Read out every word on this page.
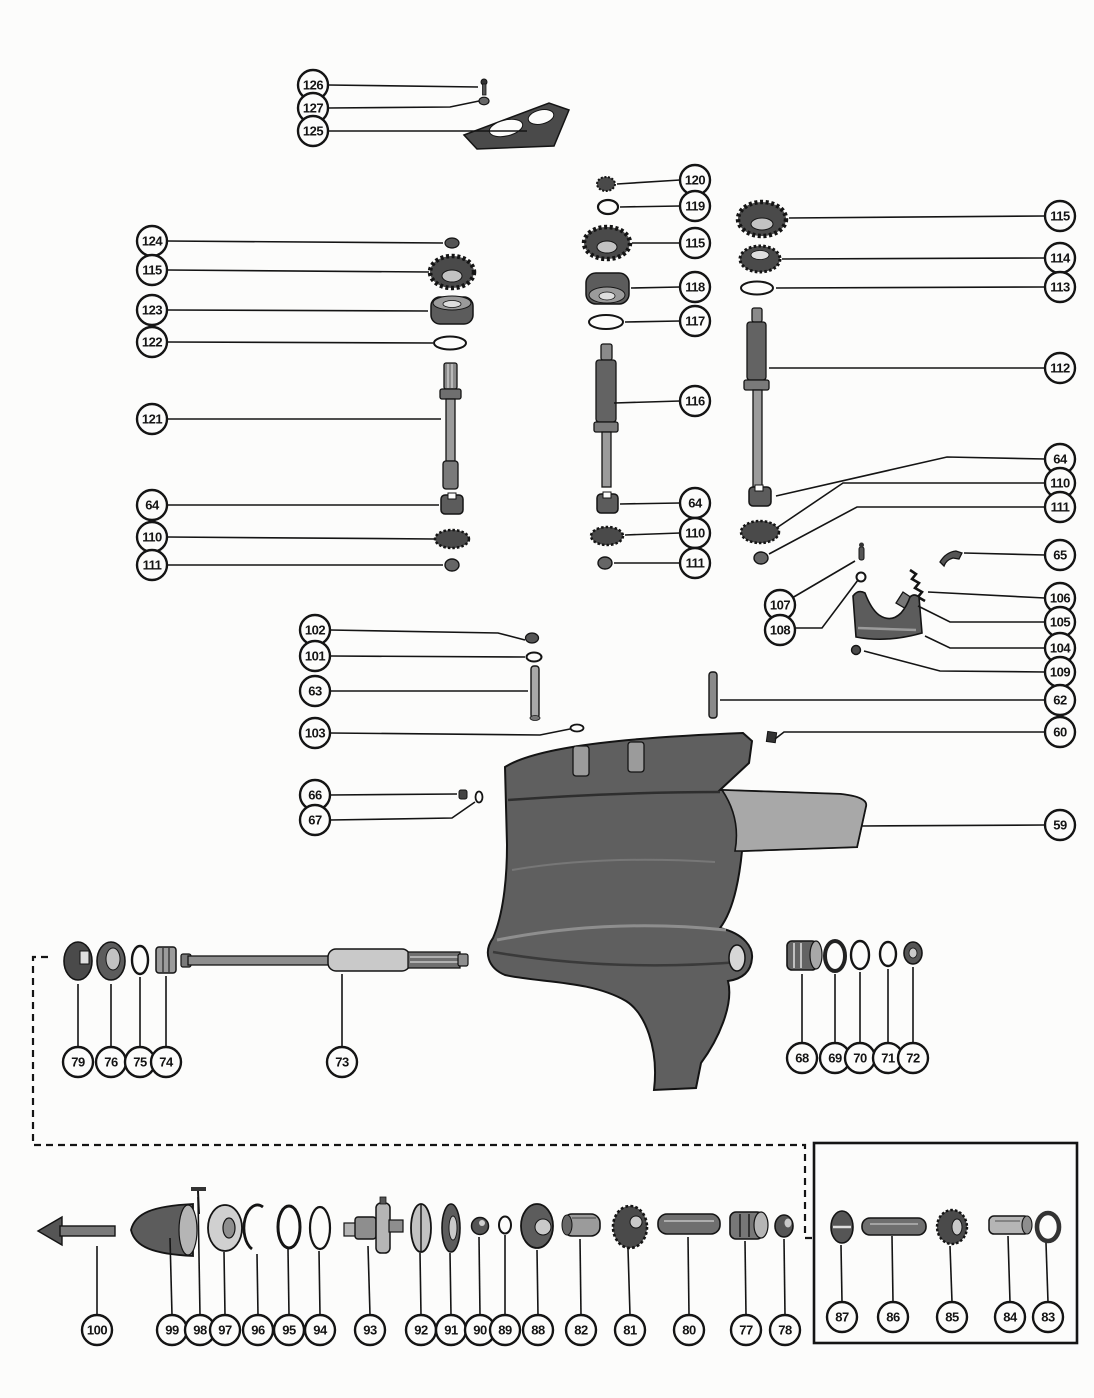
126
127
125
124
115
123
122
121
64
110
111
102
101
63
103
66
67
120
119
115
118
117
116
64
110
111
115
114
113
112
64
110
111
65
106
105
104
109
62
60
59
107
108
79 76 75 74	73	68 69 70 71 72
100	99 98 97 96 95 94	93	92 91 90 89 88 82	81	80	77 78
87	86	85	84 83
